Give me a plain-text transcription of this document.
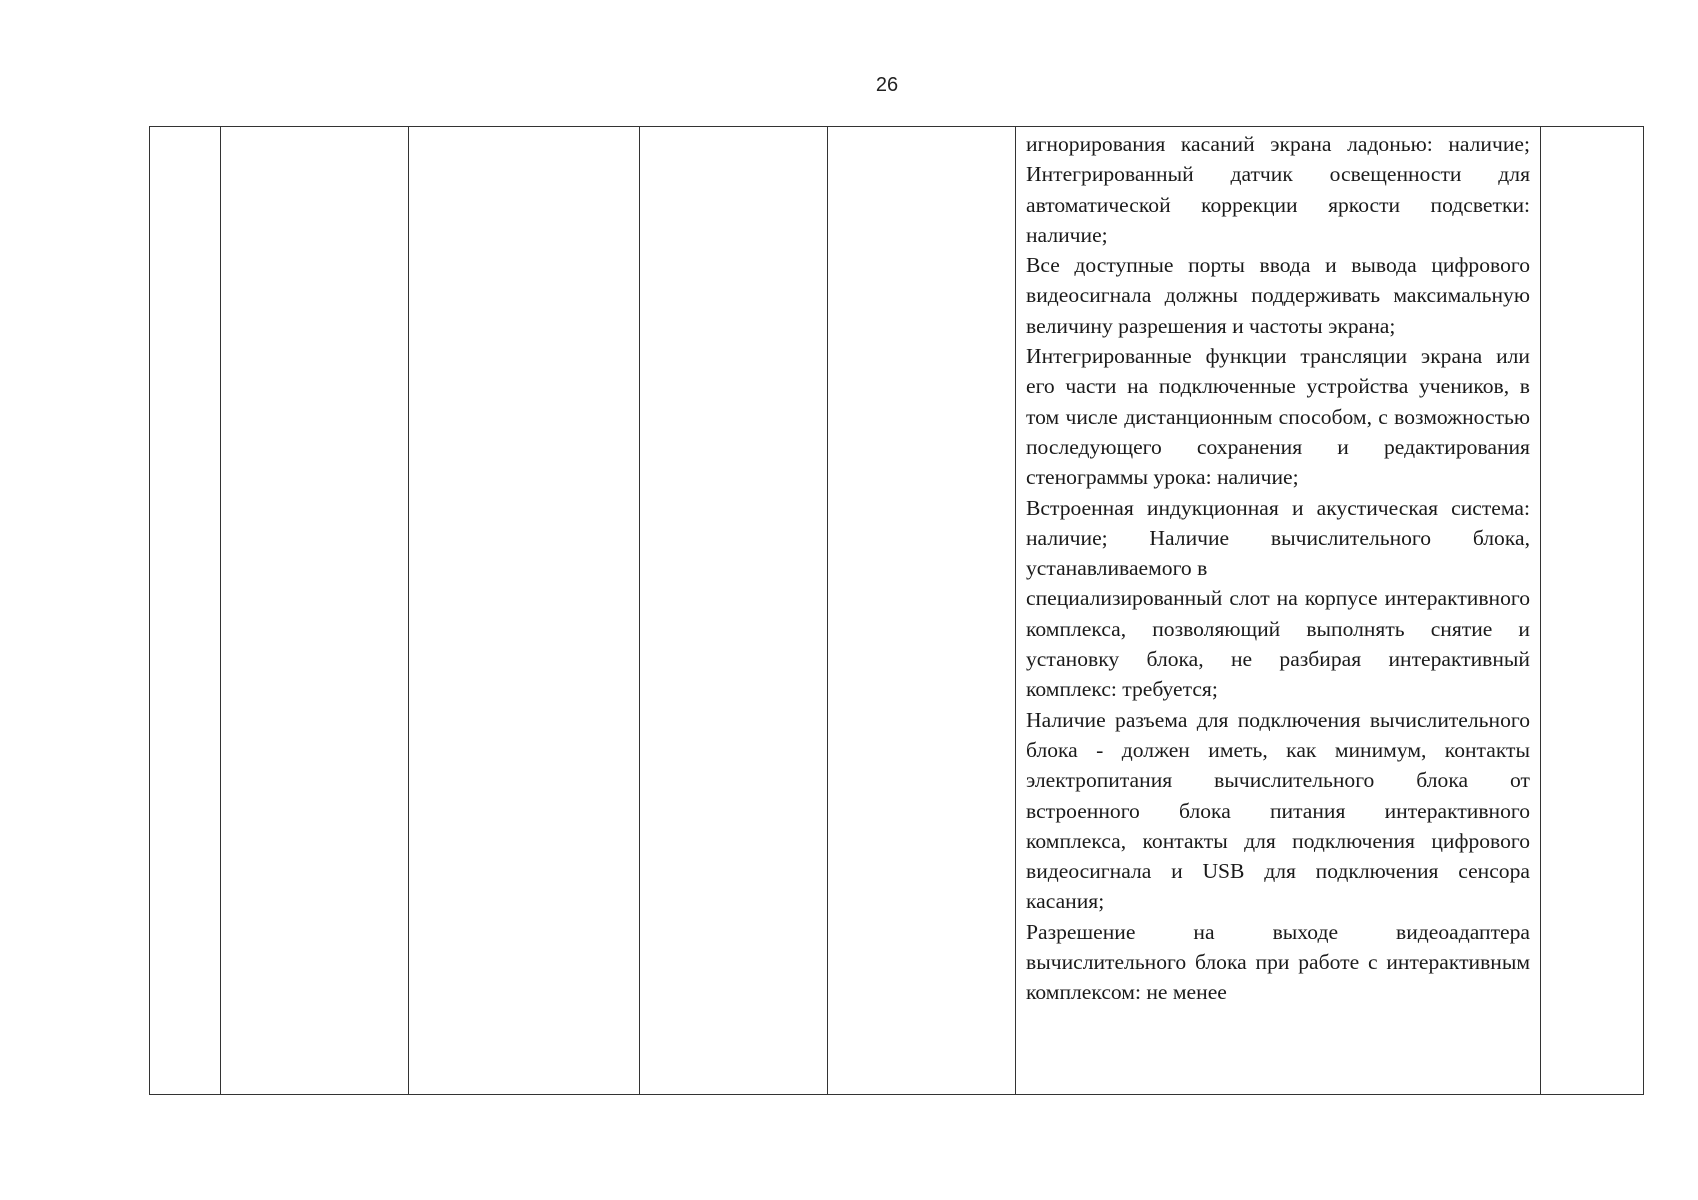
26

игнорирования касаний экрана ладонью: наличие; Интегрированный датчик освещенности для автоматической коррекции яркости подсветки: наличие;

Все доступные порты ввода и вывода цифрового видеосигнала должны поддерживать максимальную величину разрешения и частоты экрана;

Интегрированные функции трансляции экрана или его части на подключенные устройства учеников, в том числе дистанционным способом, с возможностью последующего сохранения и редактирования стенограммы урока: наличие;

Встроенная индукционная и акустическая система: наличие; Наличие вычислительного блока, устанавливаемого в

специализированный слот на корпусе интерактивного комплекса, позволяющий выполнять снятие и установку блока, не разбирая интерактивный комплекс: требуется;

Наличие разъема для подключения вычислительного блока - должен иметь, как минимум, контакты электропитания вычислительного блока от встроенного блока питания интерактивного комплекса, контакты для подключения цифрового видеосигнала и USB для подключения сенсора касания;

Разрешение на выходе видеоадаптера вычислительного блока при работе с интерактивным комплексом: не менее
